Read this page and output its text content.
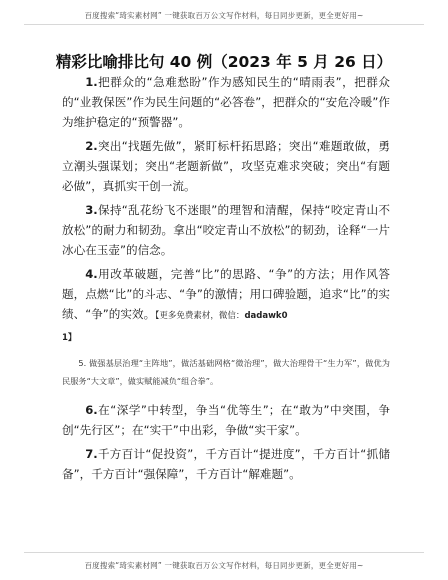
百度搜索“琦实素材网” 一键获取百万公文写作材料，每日同步更新，更全更好用~
精彩比喻排比句 40 例（2023 年 5 月 26 日）

1.把群众的“急难愁盼”作为感知民生的“晴雨表”，把群众的“业教保医”作为民生问题的“必答卷”，把群众的“安危冷暖”作为维护稳定的“预警器”。

2.突出“找题先做”，紧盯标杆拓思路；突出“难题敢做，勇立潮头强谋划；突出“老题新做”，攻坚克难求突破；突出“有题必做”，真抓实干创一流。

3.保持“乱花纷飞不迷眼”的理智和清醒，保持“咬定青山不放松”的耐力和韧劲。拿出“咬定青山不放松”的韧劲，诠释“一片冰心在玉壶”的信念。

4.用改革破题，完善“比”的思路、“争”的方法；用作风答题，点燃“比”的斗志、“争”的激情；用口碑验题，追求“比”的实绩、“争”的实效。【更多免费素材，微信：dadawk0
1】

5. 做强基层治理“主阵地”，做活基础网格“微治理”，做大治理骨干“生力军”，做优为民服务“大文章”，做实赋能减负“组合拳”。

6.在“深学”中转型，争当“优等生”；在“敢为”中突围，争创“先行区”；在“实干”中出彩，争做“实干家”。

7.千方百计“促投资”，千方百计“提进度”，千方百计“抓储备”，千方百计“强保障”，千方百计“解难题”。

百度搜索“琦实素材网” 一键获取百万公文写作材料，每日同步更新，更全更好用~
